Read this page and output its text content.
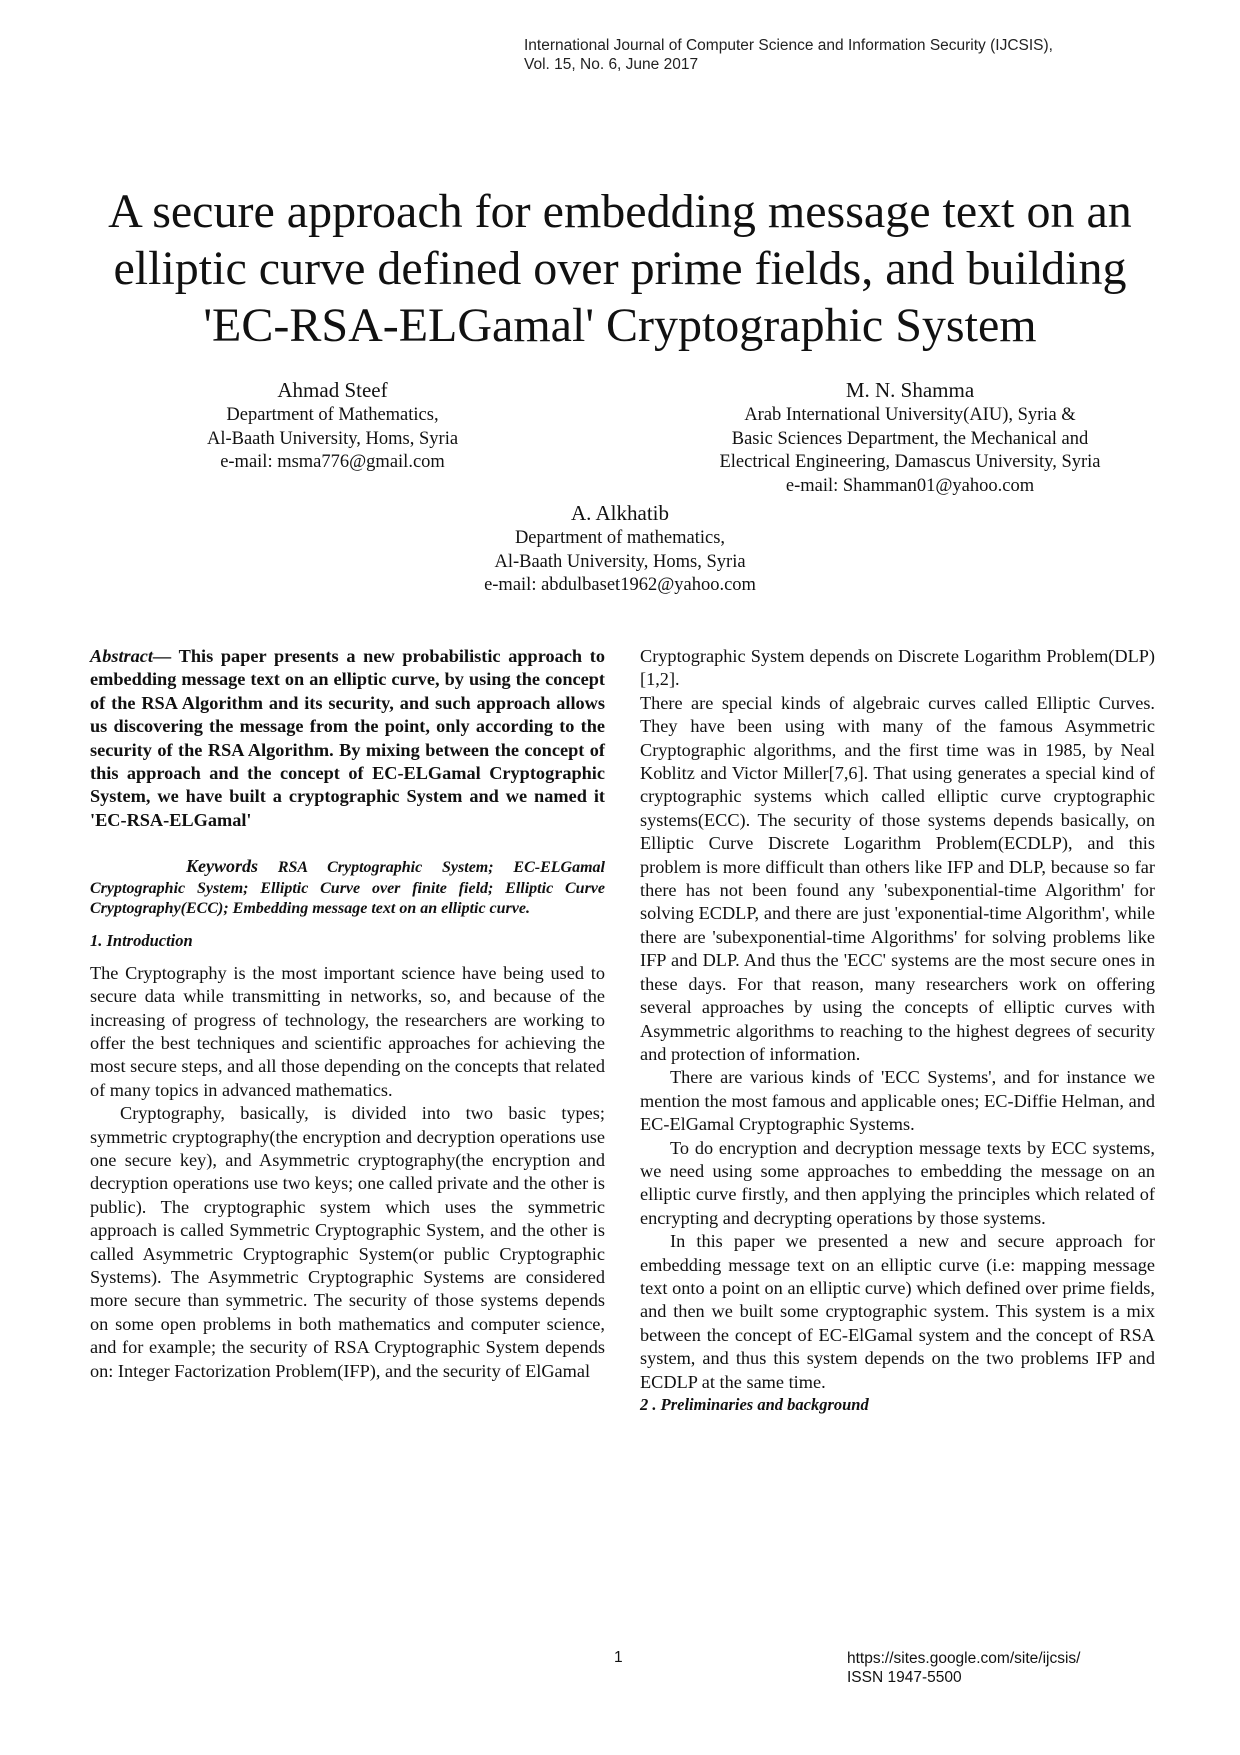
International Journal of Computer Science and Information Security (IJCSIS),
Vol. 15, No. 6, June 2017
A secure approach for embedding message text on an
elliptic curve defined over prime fields, and building
'EC-RSA-ELGamal' Cryptographic System
Ahmad Steef
Department of Mathematics,
Al-Baath University, Homs, Syria
e-mail: msma776@gmail.com
M. N. Shamma
Arab International University(AIU), Syria &
Basic Sciences Department, the Mechanical and
Electrical Engineering, Damascus University, Syria
e-mail: Shamman01@yahoo.com
A. Alkhatib
Department of mathematics,
Al-Baath University, Homs, Syria
e-mail: abdulbaset1962@yahoo.com

Abstract— This paper presents a new probabilistic approach to embedding message text on an elliptic curve, by using the concept of the RSA Algorithm and its security, and such approach allows us discovering the message from the point, only according to the security of the RSA Algorithm. By mixing between the concept of this approach and the concept of EC-ELGamal Cryptographic System, we have built a cryptographic System and we named it 'EC-RSA-ELGamal'

Keywords RSA Cryptographic System; EC-ELGamal Cryptographic System; Elliptic Curve over finite field; Elliptic Curve Cryptography(ECC); Embedding message text on an elliptic curve.

1. Introduction

The Cryptography is the most important science have being used to secure data while transmitting in networks, so, and because of the increasing of progress of technology, the researchers are working to offer the best techniques and scientific approaches for achieving the most secure steps, and all those depending on the concepts that related of many topics in advanced mathematics.

Cryptography, basically, is divided into two basic types; symmetric cryptography(the encryption and decryption operations use one secure key), and Asymmetric cryptography(the encryption and decryption operations use two keys; one called private and the other is public). The cryptographic system which uses the symmetric approach is called Symmetric Cryptographic System, and the other is called Asymmetric Cryptographic System(or public Cryptographic Systems). The Asymmetric Cryptographic Systems are considered more secure than symmetric. The security of those systems depends on some open problems in both mathematics and computer science, and for example; the security of RSA Cryptographic System depends on: Integer Factorization Problem(IFP), and the security of ElGamal

Cryptographic System depends on Discrete Logarithm Problem(DLP) [1,2].

There are special kinds of algebraic curves called Elliptic Curves. They have been using with many of the famous Asymmetric Cryptographic algorithms, and the first time was in 1985, by Neal Koblitz and Victor Miller[7,6]. That using generates a special kind of cryptographic systems which called elliptic curve cryptographic systems(ECC). The security of those systems depends basically, on Elliptic Curve Discrete Logarithm Problem(ECDLP), and this problem is more difficult than others like IFP and DLP, because so far there has not been found any 'subexponential-time Algorithm' for solving ECDLP, and there are just 'exponential-time Algorithm', while there are 'subexponential-time Algorithms' for solving problems like IFP and DLP. And thus the 'ECC' systems are the most secure ones in these days. For that reason, many researchers work on offering several approaches by using the concepts of elliptic curves with Asymmetric algorithms to reaching to the highest degrees of security and protection of information.

There are various kinds of 'ECC Systems', and for instance we mention the most famous and applicable ones; EC-Diffie Helman, and EC-ElGamal Cryptographic Systems.

To do encryption and decryption message texts by ECC systems, we need using some approaches to embedding the message on an elliptic curve firstly, and then applying the principles which related of encrypting and decrypting operations by those systems.

In this paper we presented a new and secure approach for embedding message text on an elliptic curve (i.e: mapping message text onto a point on an elliptic curve) which defined over prime fields, and then we built some cryptographic system. This system is a mix between the concept of EC-ElGamal system and the concept of RSA system, and thus this system depends on the two problems IFP and ECDLP at the same time.

2 . Preliminaries and background

1	https://sites.google.com/site/ijcsis/
ISSN 1947-5500
